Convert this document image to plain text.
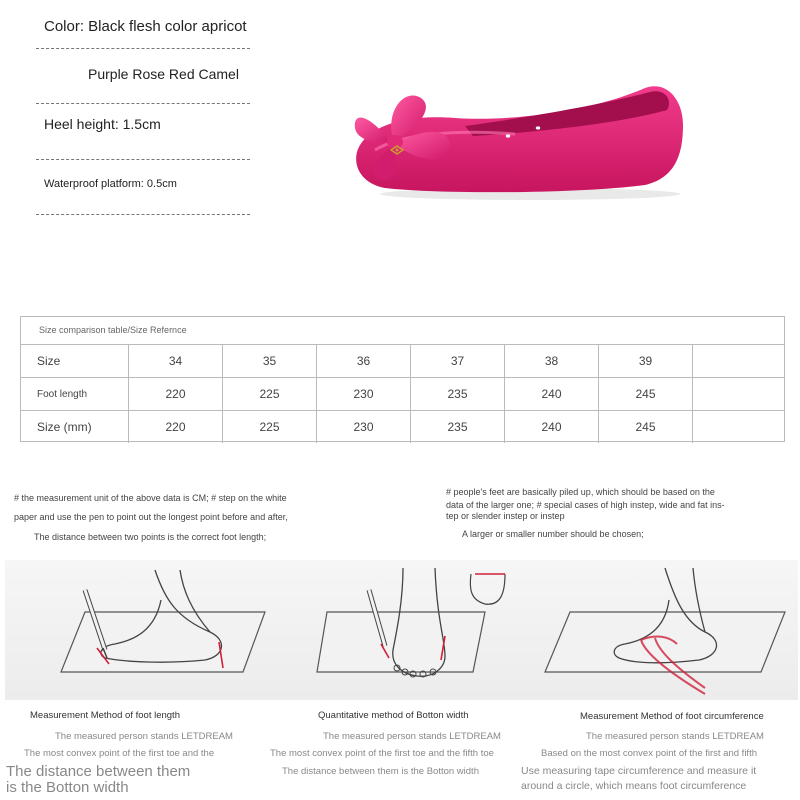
Color: Black flesh color apricot
Purple Rose Red Camel
Heel height: 1.5cm
Waterproof platform: 0.5cm
Size comparison table/Size Refernce
Size	34	35	36	37	38	39
Foot length	220	225	230	235	240	245
Size (mm)	220	225	230	235	240	245
# the measurement unit of the above data is CM; # step on the white
paper and use the pen to point out the longest point before and after,
The distance between two points is the correct foot length;
# people's feet are basically piled up, which should be based on the
data of the larger one; # special cases of high instep, wide and fat ins-
tep or slender instep or instep
A larger or smaller number should be chosen;
Measurement Method of foot length	Quantitative method of Botton width	Measurement Method of foot circumference
The measured person stands LETDREAM	The measured person stands LETDREAM	The measured person stands LETDREAM
The most convex point of the first toe and the	The most convex point of the first toe and the fifth toe	Based on the most convex point of the first and fifth
The distance between them is the Botton width
The distance between them is the Botton width	Use measuring tape circumference and measure it
around a circle, which means foot circumference
